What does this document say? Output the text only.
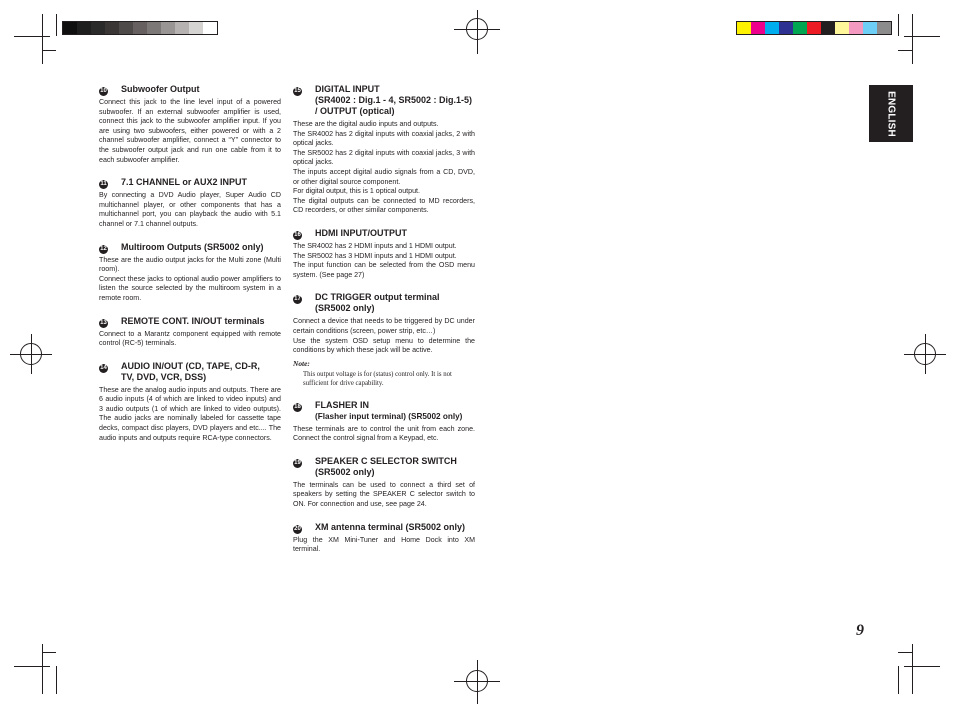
ENGLISH
10	Subwoofer Output
Connect this jack to the line level input of a powered subwoofer. If an external subwoofer amplifier is used, connect this jack to the subwoofer amplifier input. If you are using two subwoofers, either powered or with a 2 channel subwoofer amplifier, connect a “Y” connector to the subwoofer output jack and run one cable from it to each subwoofer amplifier.
11	7.1 CHANNEL or AUX2 INPUT
By connecting a DVD Audio player, Super Audio CD multichannel player, or other components that has a multichannel port, you can playback the audio with 5.1 channel or 7.1 channel outputs.
12	Multiroom Outputs (SR5002 only)
These are the audio output jacks for the Multi zone (Multi room).
Connect these jacks to optional audio power amplifiers to listen the source selected by the multiroom system in a remote room.
13	REMOTE CONT. IN/OUT terminals
Connect to a Marantz component equipped with remote control (RC-5) terminals.
14	AUDIO IN/OUT (CD, TAPE, CD-R,
TV, DVD, VCR, DSS)
These are the analog audio inputs and outputs. There are 6 audio inputs (4 of which are linked to video inputs) and 3 audio outputs (1 of which are linked to video outputs). The audio jacks are nominally labeled for cassette tape decks, compact disc players, DVD players and etc.... The audio inputs and outputs require RCA-type connectors.
15	DIGITAL INPUT
(SR4002 : Dig.1 - 4, SR5002 : Dig.1-5)
/ OUTPUT (optical)
These are the digital audio inputs and outputs.
The SR4002 has 2 digital inputs with coaxial jacks, 2 with optical jacks.
The SR5002 has 2 digital inputs with coaxial jacks, 3 with optical jacks.
The inputs accept digital audio signals from a CD, DVD, or other digital source component.
For digital output, this is 1 optical output.
The digital outputs can be connected to MD recorders, CD recorders, or other similar components.
16	HDMI INPUT/OUTPUT
The SR4002 has 2 HDMI inputs and 1 HDMI output.
The SR5002 has 3 HDMI inputs and 1 HDMI output.
The input function can be selected from the OSD menu system. (See page 27)
17	DC TRIGGER output terminal
(SR5002 only)
Connect a device that needs to be triggered by DC under certain conditions (screen, power strip, etc…)
Use the system OSD setup menu to determine the conditions by which these jack will be active.
Note:
This output voltage is for (status) control only. It is not
sufficient for drive capability.
18	FLASHER IN
(Flasher input terminal) (SR5002 only)
These terminals are to control the unit from each zone. Connect the control signal from a Keypad, etc.
19	SPEAKER C SELECTOR SWITCH
(SR5002 only)
The terminals can be used to connect a third set of speakers by setting the SPEAKER C selector switch to ON. For connection and use, see page 24.
20	XM antenna terminal (SR5002 only)
Plug the XM Mini-Tuner and Home Dock into XM terminal.
9
